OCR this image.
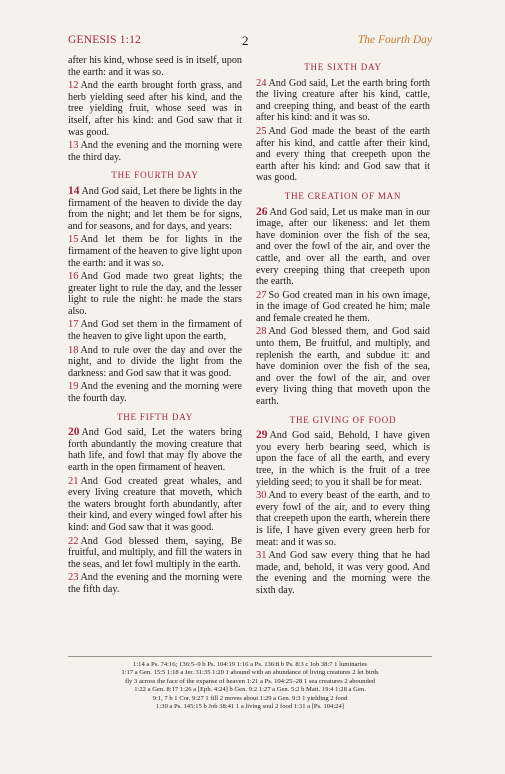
GENESIS 1:12	2	The Fourth Day

after his kind, whose seed is in itself, upon the earth: and it was so.

12 And the earth brought forth grass, and herb yielding seed after his kind, and the tree yielding fruit, whose seed was in itself, after his kind: and God saw that it was good.

13 And the evening and the morning were the third day.

THE FOURTH DAY

14 And God said, Let there be lights in the firmament of the heaven to divide the day from the night; and let them be for signs, and for seasons, and for days, and years:

15 And let them be for lights in the firmament of the heaven to give light upon the earth: and it was so.

16 And God made two great lights; the greater light to rule the day, and the lesser light to rule the night: he made the stars also.

17 And God set them in the firmament of the heaven to give light upon the earth,

18 And to rule over the day and over the night, and to divide the light from the darkness: and God saw that it was good.

19 And the evening and the morning were the fourth day.

THE FIFTH DAY

20 And God said, Let the waters bring forth abundantly the moving creature that hath life, and fowl that may fly above the earth in the open firmament of heaven.

21 And God created great whales, and every living creature that moveth, which the waters brought forth abundantly, after their kind, and every winged fowl after his kind: and God saw that it was good.

22 And God blessed them, saying, Be fruitful, and multiply, and fill the waters in the seas, and let fowl multiply in the earth.

23 And the evening and the morning were the fifth day.

THE SIXTH DAY

24 And God said, Let the earth bring forth the living creature after his kind, cattle, and creeping thing, and beast of the earth after his kind: and it was so.

25 And God made the beast of the earth after his kind, and cattle after their kind, and every thing that creepeth upon the earth after his kind: and God saw that it was good.

THE CREATION OF MAN

26 And God said, Let us make man in our image, after our likeness: and let them have dominion over the fish of the sea, and over the fowl of the air, and over the cattle, and over all the earth, and over every creeping thing that creepeth upon the earth.

27 So God created man in his own image, in the image of God created he him; male and female created he them.

28 And God blessed them, and God said unto them, Be fruitful, and multiply, and replenish the earth, and subdue it: and have dominion over the fish of the sea, and over the fowl of the air, and over every living thing that moveth upon the earth.

THE GIVING OF FOOD

29 And God said, Behold, I have given you every herb bearing seed, which is upon the face of all the earth, and every tree, in the which is the fruit of a tree yielding seed; to you it shall be for meat.

30 And to every beast of the earth, and to every fowl of the air, and to every thing that creepeth upon the earth, wherein there is life, I have given every green herb for meat: and it was so.

31 And God saw every thing that he had made, and, behold, it was very good. And the evening and the morning were the sixth day.

1:14 a Ps. 74:16; 136:5–9 b Ps. 104:19 1:16 a Ps. 136:8 b Ps. 8:3 c Job 38:7 1 luminaries
1:17 a Gen. 15:5 1:18 a Jer. 31:35 1:20 1 abound with an abundance of living creatures 2 let birds
fly 3 across the face of the expanse of heaven 1:21 a Ps. 104:25–28 1 sea creatures 2 abounded
1:22 a Gen. 8:17 1:26 a [Eph. 4:24] b Gen. 9:2 1:27 a Gen. 5:2 b Matt. 19:4 1:28 a Gen.
9:1, 7 b 1 Cor. 9:27 1 fill 2 moves about 1:29 a Gen. 9:3 1 yielding 2 food
1:30 a Ps. 145:15 b Job 38:41 1 a living soul 2 food 1:31 a [Ps. 104:24]
